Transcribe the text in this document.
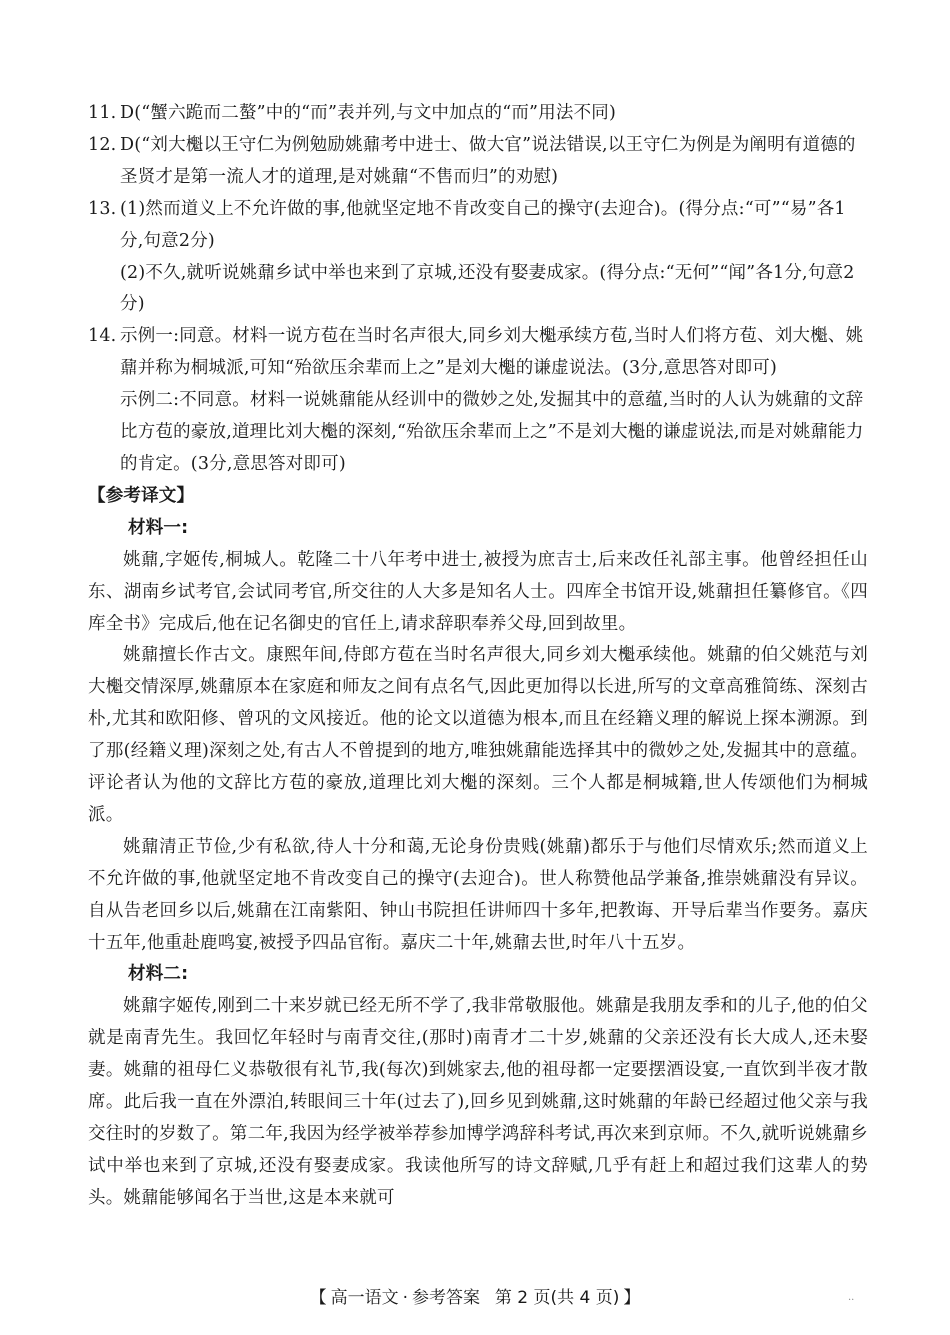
11. D(“蟹六跪而二螯”中的“而”表并列,与文中加点的“而”用法不同)

12. D(“刘大櫆以王守仁为例勉励姚鼐考中进士、做大官”说法错误,以王守仁为例是为阐明有道德的圣贤才是第一流人才的道理,是对姚鼐“不售而归”的劝慰)

13. (1)然而道义上不允许做的事,他就坚定地不肯改变自己的操守(去迎合)。(得分点:“可”“易”各1分,句意2分)

(2)不久,就听说姚鼐乡试中举也来到了京城,还没有娶妻成家。(得分点:“无何”“闻”各1分,句意2分)

14. 示例一:同意。材料一说方苞在当时名声很大,同乡刘大櫆承续方苞,当时人们将方苞、刘大櫆、姚鼐并称为桐城派,可知“殆欲压余辈而上之”是刘大櫆的谦虚说法。(3分,意思答对即可)

示例二:不同意。材料一说姚鼐能从经训中的微妙之处,发掘其中的意蕴,当时的人认为姚鼐的文辞比方苞的豪放,道理比刘大櫆的深刻,“殆欲压余辈而上之”不是刘大櫆的谦虚说法,而是对姚鼐能力的肯定。(3分,意思答对即可)

【参考译文】

材料一:

姚鼐,字姬传,桐城人。乾隆二十八年考中进士,被授为庶吉士,后来改任礼部主事。他曾经担任山东、湖南乡试考官,会试同考官,所交往的人大多是知名人士。四库全书馆开设,姚鼐担任纂修官。《四库全书》完成后,他在记名御史的官任上,请求辞职奉养父母,回到故里。

姚鼐擅长作古文。康熙年间,侍郎方苞在当时名声很大,同乡刘大櫆承续他。姚鼐的伯父姚范与刘大櫆交情深厚,姚鼐原本在家庭和师友之间有点名气,因此更加得以长进,所写的文章高雅简练、深刻古朴,尤其和欧阳修、曾巩的文风接近。他的论文以道德为根本,而且在经籍义理的解说上探本溯源。到了那(经籍义理)深刻之处,有古人不曾提到的地方,唯独姚鼐能选择其中的微妙之处,发掘其中的意蕴。评论者认为他的文辞比方苞的豪放,道理比刘大櫆的深刻。三个人都是桐城籍,世人传颂他们为桐城派。

姚鼐清正节俭,少有私欲,待人十分和蔼,无论身份贵贱(姚鼐)都乐于与他们尽情欢乐;然而道义上不允许做的事,他就坚定地不肯改变自己的操守(去迎合)。世人称赞他品学兼备,推崇姚鼐没有异议。自从告老回乡以后,姚鼐在江南紫阳、钟山书院担任讲师四十多年,把教诲、开导后辈当作要务。嘉庆十五年,他重赴鹿鸣宴,被授予四品官衔。嘉庆二十年,姚鼐去世,时年八十五岁。

材料二:

姚鼐字姬传,刚到二十来岁就已经无所不学了,我非常敬服他。姚鼐是我朋友季和的儿子,他的伯父就是南青先生。我回忆年轻时与南青交往,(那时)南青才二十岁,姚鼐的父亲还没有长大成人,还未娶妻。姚鼐的祖母仁义恭敬很有礼节,我(每次)到姚家去,他的祖母都一定要摆酒设宴,一直饮到半夜才散席。此后我一直在外漂泊,转眼间三十年(过去了),回乡见到姚鼐,这时姚鼐的年龄已经超过他父亲与我交往时的岁数了。第二年,我因为经学被举荐参加博学鸿辞科考试,再次来到京师。不久,就听说姚鼐乡试中举也来到了京城,还没有娶妻成家。我读他所写的诗文辞赋,几乎有赶上和超过我们这辈人的势头。姚鼐能够闻名于当世,这是本来就可

【 高一语文 · 参考答案 第 2 页(共 4 页) 】	..
